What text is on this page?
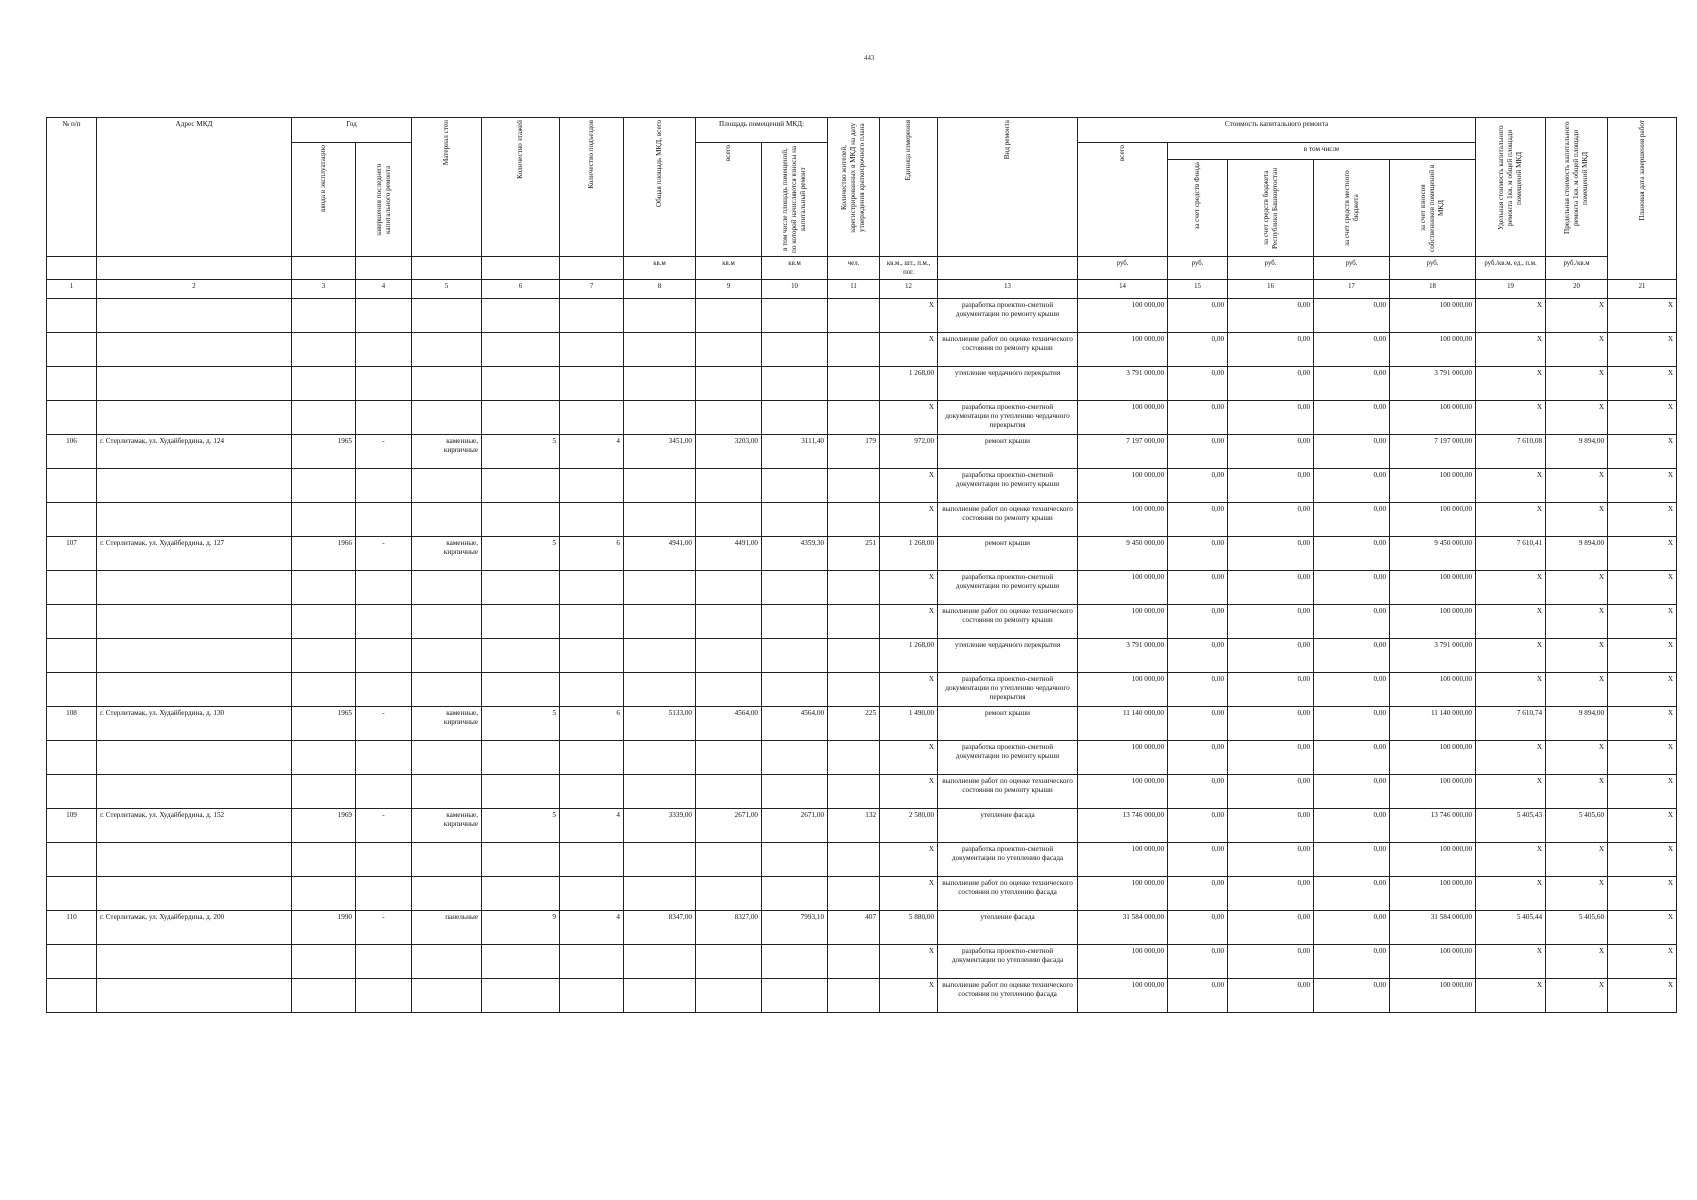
443
№ п/п	Адрес МКД	Год		Материал стен	Количество этажей	Количество подъездов	Общая площадь МКД, всего	Площадь помещений МКД:		Количество жителей, зарегистрированных в МКД на дату утверждения краткосрочного плана	Единица измерения	Вид ремонта	Стоимость капитального ремонта					Удельная стоимость капитального ремонта 1кв. м общей площади помещений МКД	Предельная стоимость капитального ремонта 1кв. м общей площади помещений МКД	Плановая дата завершения работ

		ввода в эксплуатацию	завершения последнего капитального ремонта					всего	в том числе площадь помещений, по которой начисляются взносы на капитальный ремонт				всего	в том числе						

														за счет средств Фонда	за счет средств бюджета Республики Башкортостан	за счет средств местного бюджета	за счет взносов собственников помещений в МКД			

							кв.м	кв.м	кв.м	чел.	кв.м., шт., п.м., пог.		руб.	руб.	руб.	руб.	руб.	руб./кв.м, ед., п.м.	руб./кв.м	
1	2	3	4	5	6	7	8	9	10	11	12	13	14	15	16	17	18	19	20	21
											X	разработка проектно-сметной документации по ремонту крыши	100 000,00	0,00	0,00	0,00	100 000,00	X	X	X
											X	выполнение работ по оценке технического состояния по ремонту крыши	100 000,00	0,00	0,00	0,00	100 000,00	X	X	X
											1 268,00	утепление чердачного перекрытия	3 791 000,00	0,00	0,00	0,00	3 791 000,00	X	X	X
											X	разработка проектно-сметной документации по утеплению чердачного перекрытия	100 000,00	0,00	0,00	0,00	100 000,00	X	X	X
106	г. Стерлитамак, ул. Худайбердина, д. 124	1965	-	каменные, кирпичные	5	4	3451,00	3203,00	3111,40	179	972,00	ремонт крыши	7 197 000,00	0,00	0,00	0,00	7 197 000,00	7 610,08	9 894,00	X
											X	разработка проектно-сметной документации по ремонту крыши	100 000,00	0,00	0,00	0,00	100 000,00	X	X	X
											X	выполнение работ по оценке технического состояния по ремонту крыши	100 000,00	0,00	0,00	0,00	100 000,00	X	X	X
107	г. Стерлитамак, ул. Худайбердина, д. 127	1966	-	каменные, кирпичные	5	6	4941,00	4491,00	4359,30	251	1 268,00	ремонт крыши	9 450 000,00	0,00	0,00	0,00	9 450 000,00	7 610,41	9 894,00	X
											X	разработка проектно-сметной документации по ремонту крыши	100 000,00	0,00	0,00	0,00	100 000,00	X	X	X
											X	выполнение работ по оценке технического состояния по ремонту крыши	100 000,00	0,00	0,00	0,00	100 000,00	X	X	X
											1 268,00	утепление чердачного перекрытия	3 791 000,00	0,00	0,00	0,00	3 791 000,00	X	X	X
											X	разработка проектно-сметной документации по утеплению чердачного перекрытия	100 000,00	0,00	0,00	0,00	100 000,00	X	X	X
108	г. Стерлитамак, ул. Худайбердина, д. 130	1965	-	каменные, кирпичные	5	6	5133,00	4564,00	4564,00	225	1 490,00	ремонт крыши	11 140 000,00	0,00	0,00	0,00	11 140 000,00	7 610,74	9 894,00	X
											X	разработка проектно-сметной документации по ремонту крыши	100 000,00	0,00	0,00	0,00	100 000,00	X	X	X
											X	выполнение работ по оценке технического состояния по ремонту крыши	100 000,00	0,00	0,00	0,00	100 000,00	X	X	X
109	г. Стерлитамак, ул. Худайбердина, д. 152	1969	-	каменные, кирпичные	5	4	3339,00	2671,00	2671,00	132	2 580,00	утепление фасада	13 746 000,00	0,00	0,00	0,00	13 746 000,00	5 405,43	5 405,60	X
											X	разработка проектно-сметной документации по утеплению фасада	100 000,00	0,00	0,00	0,00	100 000,00	X	X	X
											X	выполнение работ по оценке технического состояния по утеплению фасада	100 000,00	0,00	0,00	0,00	100 000,00	X	X	X
110	г. Стерлитамак, ул. Худайбердина, д. 200	1990	-	панельные	9	4	8347,00	8327,00	7993,10	407	5 880,00	утепление фасада	31 584 000,00	0,00	0,00	0,00	31 584 000,00	5 405,44	5 405,60	X
											X	разработка проектно-сметной документации по утеплению фасада	100 000,00	0,00	0,00	0,00	100 000,00	X	X	X
											X	выполнение работ по оценке технического состояния по утеплению фасада	100 000,00	0,00	0,00	0,00	100 000,00	X	X	X
